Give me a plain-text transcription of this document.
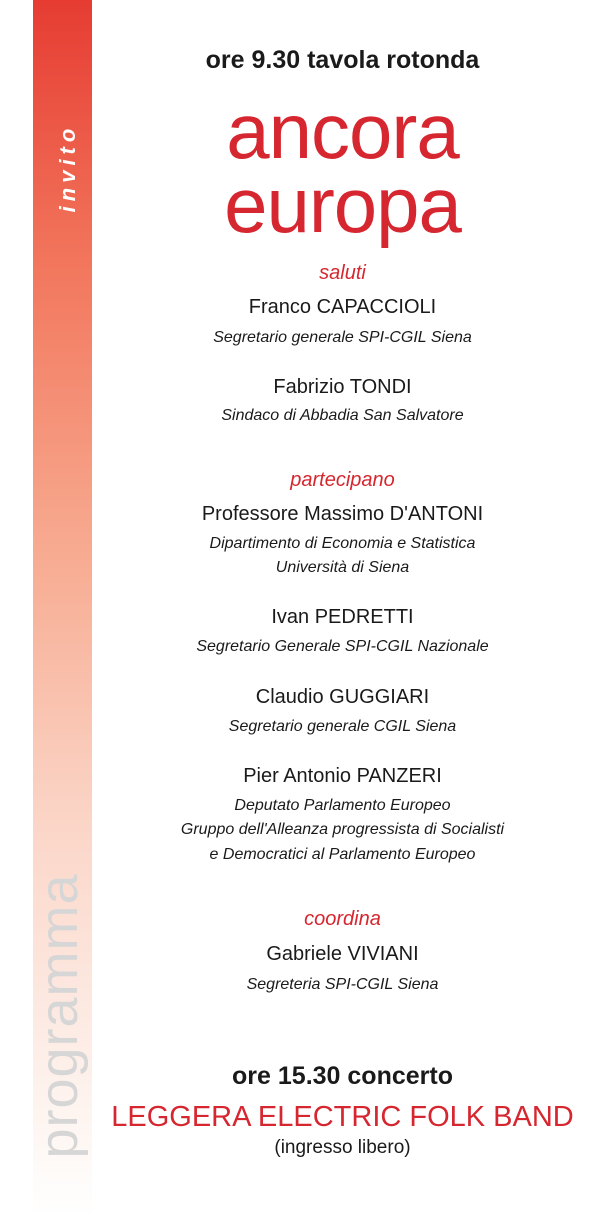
invito
programma
ore 9.30 tavola rotonda
ancora
europa
saluti
Franco CAPACCIOLI
Segretario generale SPI-CGIL Siena
Fabrizio TONDI
Sindaco di Abbadia San Salvatore
partecipano
Professore Massimo D'ANTONI
Dipartimento di Economia e Statistica
Università di Siena
Ivan PEDRETTI
Segretario Generale SPI-CGIL Nazionale
Claudio GUGGIARI
Segretario generale CGIL Siena
Pier Antonio PANZERI
Deputato Parlamento Europeo
Gruppo dell'Alleanza progressista di Socialisti
e Democratici al Parlamento Europeo
coordina
Gabriele VIVIANI
Segreteria SPI-CGIL Siena
ore 15.30 concerto
LEGGERA ELECTRIC FOLK BAND
(ingresso libero)
